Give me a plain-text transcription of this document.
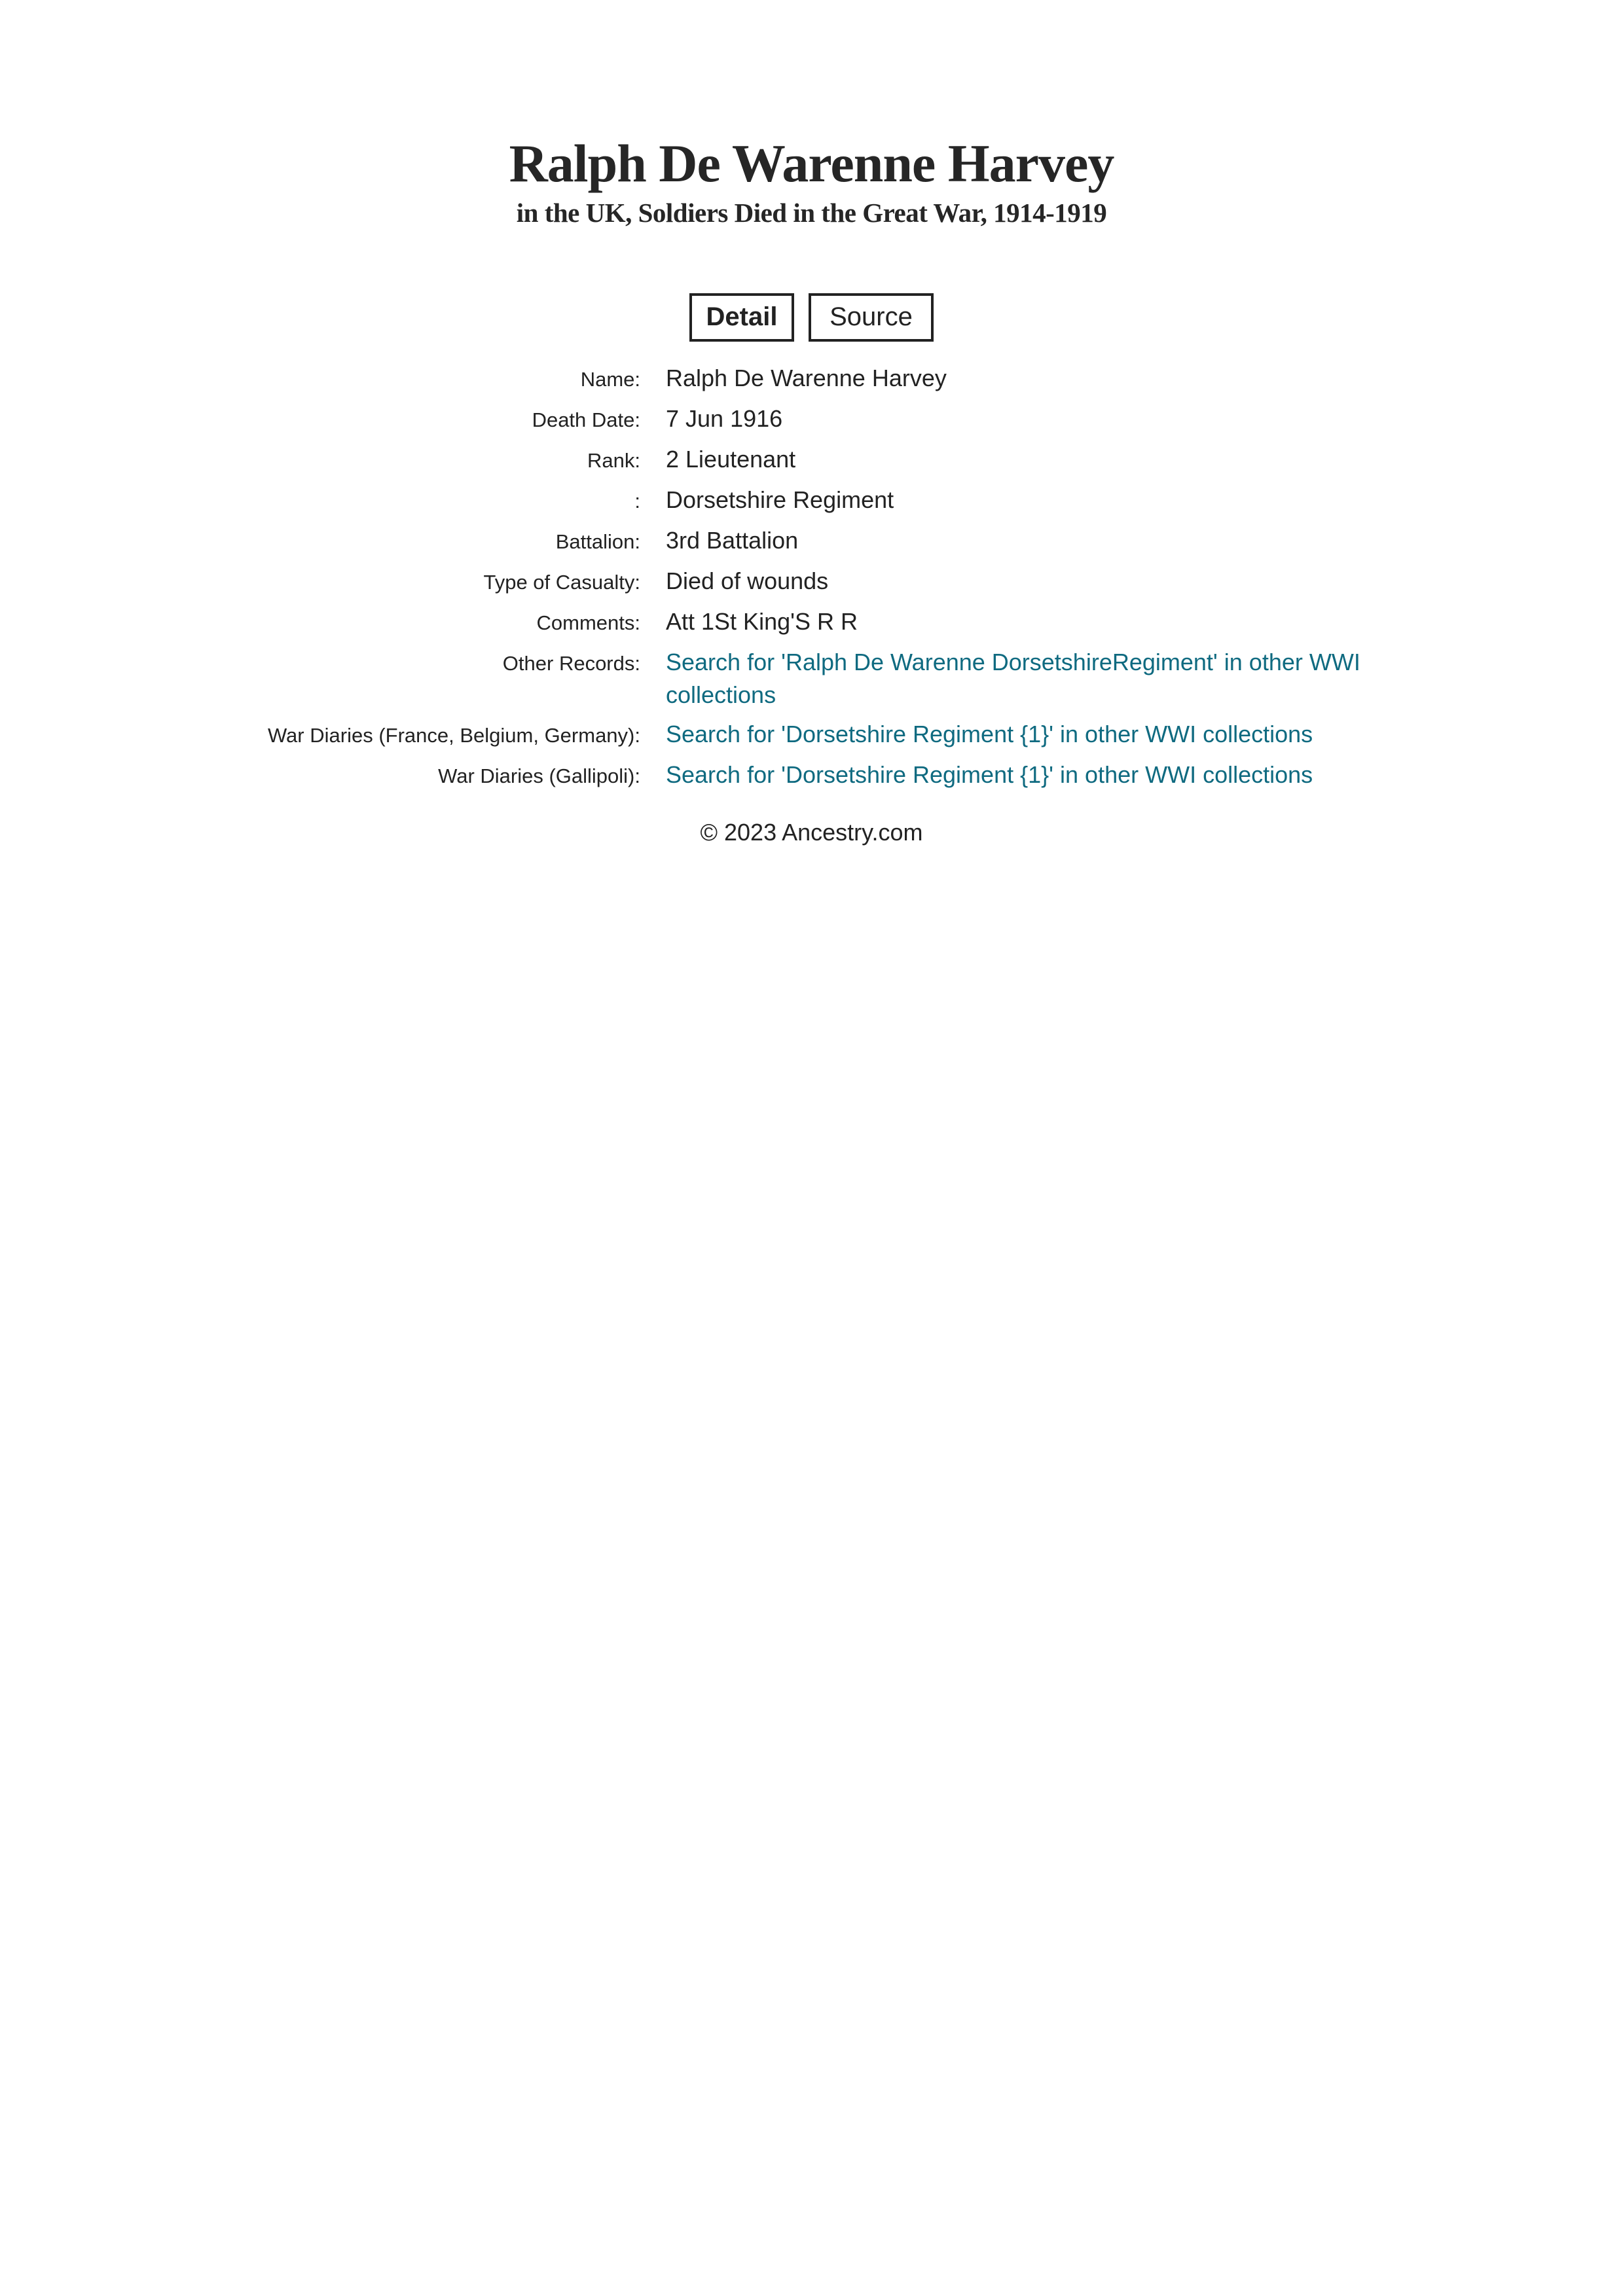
Ralph De Warenne Harvey
in the UK, Soldiers Died in the Great War, 1914-1919
Detail	Source
Name: Ralph De Warenne Harvey
Death Date: 7 Jun 1916
Rank: 2 Lieutenant
: Dorsetshire Regiment
Battalion: 3rd Battalion
Type of Casualty: Died of wounds
Comments: Att 1St King'S R R
Other Records: Search for 'Ralph De Warenne DorsetshireRegiment' in other WWI collections
War Diaries (France, Belgium, Germany): Search for 'Dorsetshire Regiment {1}' in other WWI collections
War Diaries (Gallipoli): Search for 'Dorsetshire Regiment {1}' in other WWI collections
© 2023 Ancestry.com
